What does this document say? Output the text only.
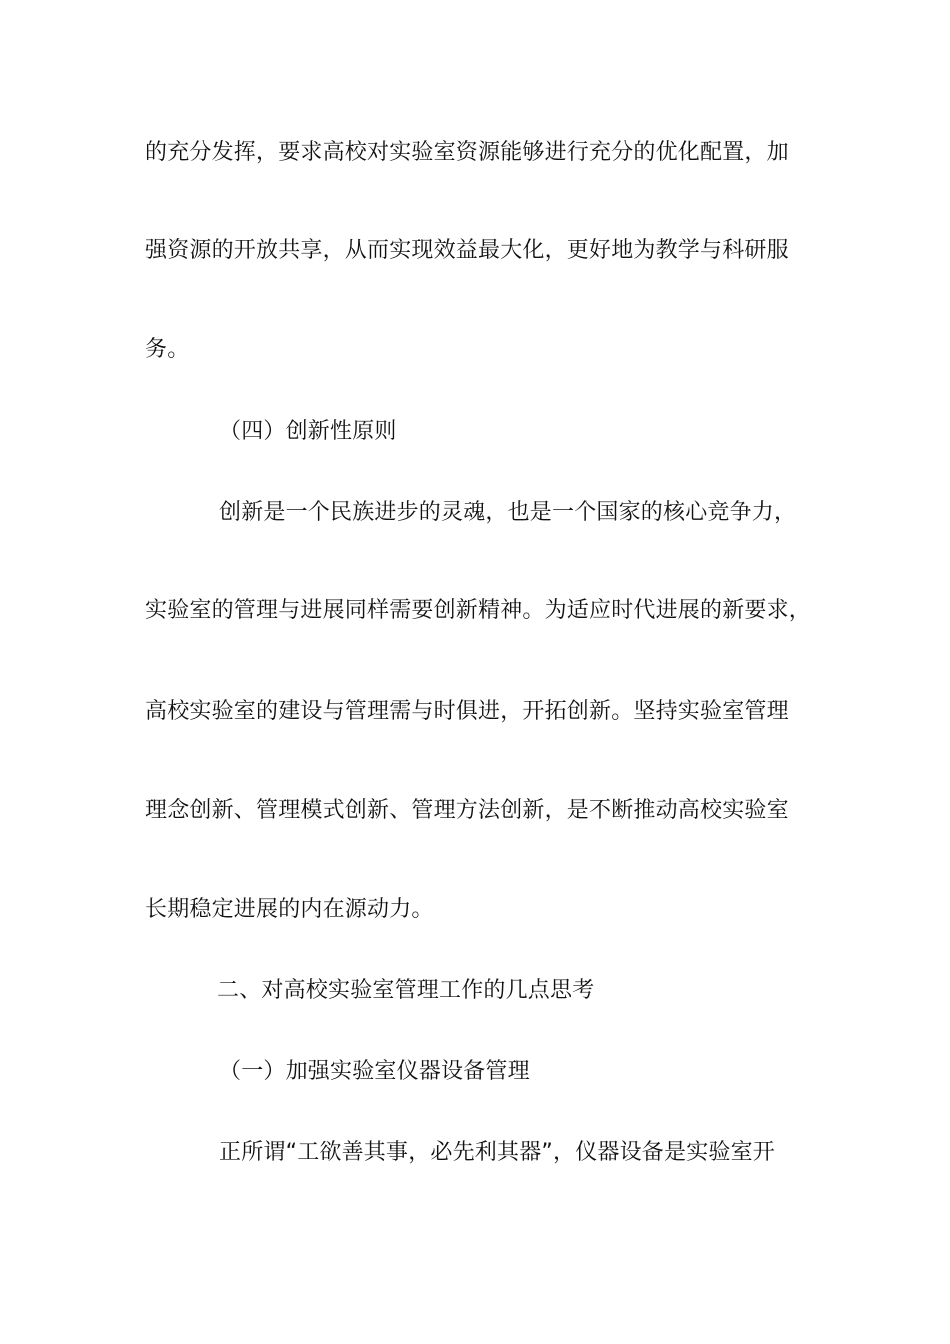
的充分发挥，要求高校对实验室资源能够进行充分的优化配置，加
强资源的开放共享，从而实现效益最大化，更好地为教学与科研服
务。
（四）创新性原则
创新是一个民族进步的灵魂，也是一个国家的核心竞争力，
实验室的管理与进展同样需要创新精神。为适应时代进展的新要求，
高校实验室的建设与管理需与时俱进，开拓创新。坚持实验室管理
理念创新、管理模式创新、管理方法创新，是不断推动高校实验室
长期稳定进展的内在源动力。
二、对高校实验室管理工作的几点思考
（一）加强实验室仪器设备管理
正所谓“工欲善其事，必先利其器”，仪器设备是实验室开
